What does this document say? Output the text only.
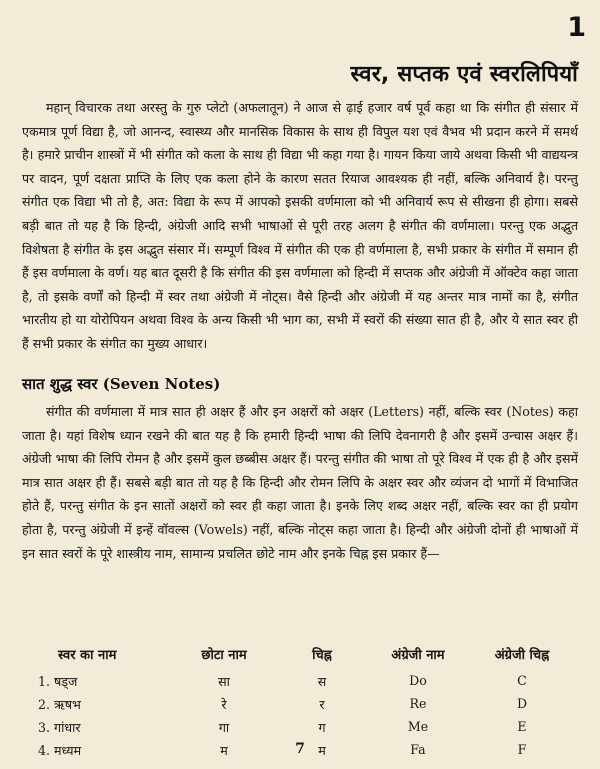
1
स्वर, सप्तक एवं स्वरलिपियाँ

महान् विचारक तथा अरस्तु के गुरु प्लेटो (अफलातून) ने आज से ढ़ाई हजार वर्ष पूर्व कहा था कि संगीत ही संसार में एकमात्र पूर्ण विद्या है, जो आनन्द, स्वास्थ्य और मानसिक विकास के साथ ही विपुल यश एवं वैभव भी प्रदान करने में समर्थ है। हमारे प्राचीन शास्त्रों में भी संगीत को कला के साथ ही विद्या भी कहा गया है। गायन किया जाये अथवा किसी भी वाद्ययन्त्र पर वादन, पूर्ण दक्षता प्राप्ति के लिए एक कला होने के कारण सतत रियाज आवश्यक ही नहीं, बल्कि अनिवार्य है। परन्तु संगीत एक विद्या भी तो है, अत: विद्या के रूप में आपको इसकी वर्णमाला को भी अनिवार्य रूप से सीखना ही होगा। सबसे बड़ी बात तो यह है कि हिन्दी, अंग्रेजी आदि सभी भाषाओं से पूरी तरह अलग है संगीत की वर्णमाला। परन्तु एक अद्भुत विशेषता है संगीत के इस अद्भुत संसार में। सम्पूर्ण विश्व में संगीत की एक ही वर्णमाला है, सभी प्रकार के संगीत में समान ही हैं इस वर्णमाला के वर्ण। यह बात दूसरी है कि संगीत की इस वर्णमाला को हिन्दी में सप्तक और अंग्रेजी में ऑक्टेव कहा जाता है, तो इसके वर्णों को हिन्दी में स्वर तथा अंग्रेजी में नोट्स। वैसे हिन्दी और अंग्रेजी में यह अन्तर मात्र नामों का है, संगीत भारतीय हो या योरोपियन अथवा विश्व के अन्य किसी भी भाग का, सभी में स्वरों की संख्या सात ही है, और ये सात स्वर ही हैं सभी प्रकार के संगीत का मुख्य आधार।

सात शुद्ध स्वर (Seven Notes)

संगीत की वर्णमाला में मात्र सात ही अक्षर हैं और इन अक्षरों को अक्षर (Letters) नहीं, बल्कि स्वर (Notes) कहा जाता है। यहां विशेष ध्यान रखने की बात यह है कि हमारी हिन्दी भाषा की लिपि देवनागरी है और इसमें उन्चास अक्षर हैं। अंग्रेजी भाषा की लिपि रोमन है और इसमें कुल छब्बीस अक्षर हैं। परन्तु संगीत की भाषा तो पूरे विश्व में एक ही है और इसमें मात्र सात अक्षर ही हैं। सबसे बड़ी बात तो यह है कि हिन्दी और रोमन लिपि के अक्षर स्वर और व्यंजन दो भागों में विभाजित होते हैं, परन्तु संगीत के इन सातों अक्षरों को स्वर ही कहा जाता है। इनके लिए शब्द अक्षर नहीं, बल्कि स्वर का ही प्रयोग होता है, परन्तु अंग्रेजी में इन्हें वॉवल्स (Vowels) नहीं, बल्कि नोट्स कहा जाता है। हिन्दी और अंग्रेजी दोनों ही भाषाओं में इन सात स्वरों के पूरे शास्त्रीय नाम, सामान्य प्रचलित छोटे नाम और इनके चिह्न इस प्रकार हैं—

स्वर का नाम	छोटा नाम	चिह्न	अंग्रेजी नाम	अंग्रेजी चिह्न
1. षड्ज	सा	स	Do	C
2. ऋषभ	रे	र	Re	D
3. गांधार	गा	ग	Me	E
4. मध्यम	म	म	Fa	F
7
